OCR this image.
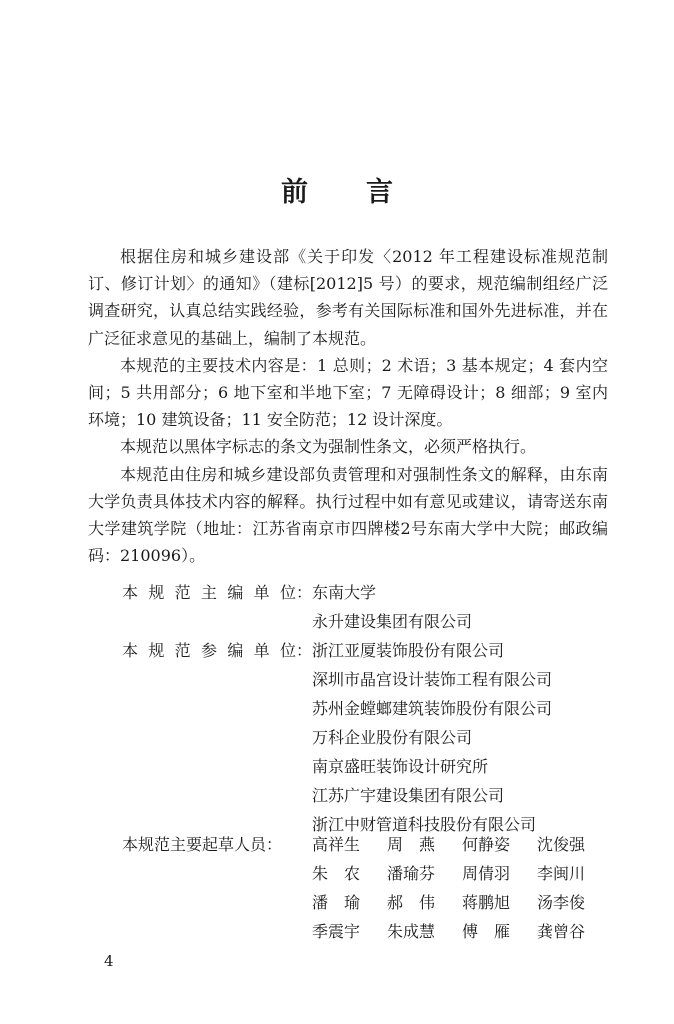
前 言

根据住房和城乡建设部《关于印发〈2012 年工程建设标准规范制订、修订计划〉的通知》（建标[2012]5 号）的要求，规范编制组经广泛调查研究，认真总结实践经验，参考有关国际标准和国外先进标准，并在广泛征求意见的基础上，编制了本规范。

本规范的主要技术内容是：1 总则；2 术语；3 基本规定；4 套内空间；5 共用部分；6 地下室和半地下室；7 无障碍设计；8 细部；9 室内环境；10 建筑设备；11 安全防范；12 设计深度。

本规范以黑体字标志的条文为强制性条文，必须严格执行。

本规范由住房和城乡建设部负责管理和对强制性条文的解释，由东南大学负责具体技术内容的解释。执行过程中如有意见或建议，请寄送东南大学建筑学院（地址：江苏省南京市四牌楼2号东南大学中大院；邮政编码：210096）。

本 规 范 主 编 单 位： 东南大学
永升建设集团有限公司
本 规 范 参 编 单 位： 浙江亚厦装饰股份有限公司
深圳市晶宫设计装饰工程有限公司
苏州金螳螂建筑装饰股份有限公司
万科企业股份有限公司
南京盛旺装饰设计研究所
江苏广宇建设集团有限公司
浙江中财管道科技股份有限公司
本规范主要起草人员：	高祥生	周　燕	何静姿	沈俊强
朱　农	潘瑜芬	周倩羽	李闽川
潘　瑜	郝　伟	蒋鹏旭	汤李俊
季震宇	朱成慧	傅　雁	龚曾谷
4
